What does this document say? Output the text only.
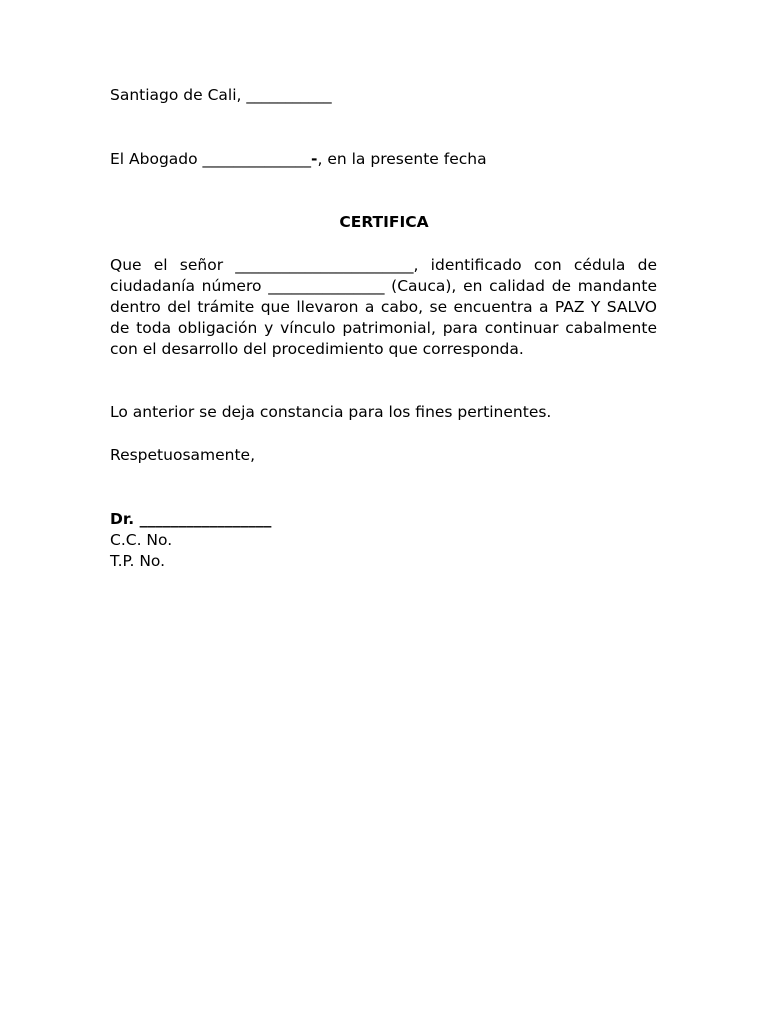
Santiago de Cali, ___________
El Abogado ______________-, en la presente fecha
CERTIFICA
Que el señor _______________________, identificado con cédula de ciudadanía número _______________ (Cauca), en calidad de mandante dentro del trámite que llevaron a cabo, se encuentra a PAZ Y SALVO de toda obligación y vínculo patrimonial, para continuar cabalmente con el desarrollo del procedimiento que corresponda.
Lo anterior se deja constancia para los fines pertinentes.
Respetuosamente,
Dr. _________________
C.C. No.
T.P. No.
